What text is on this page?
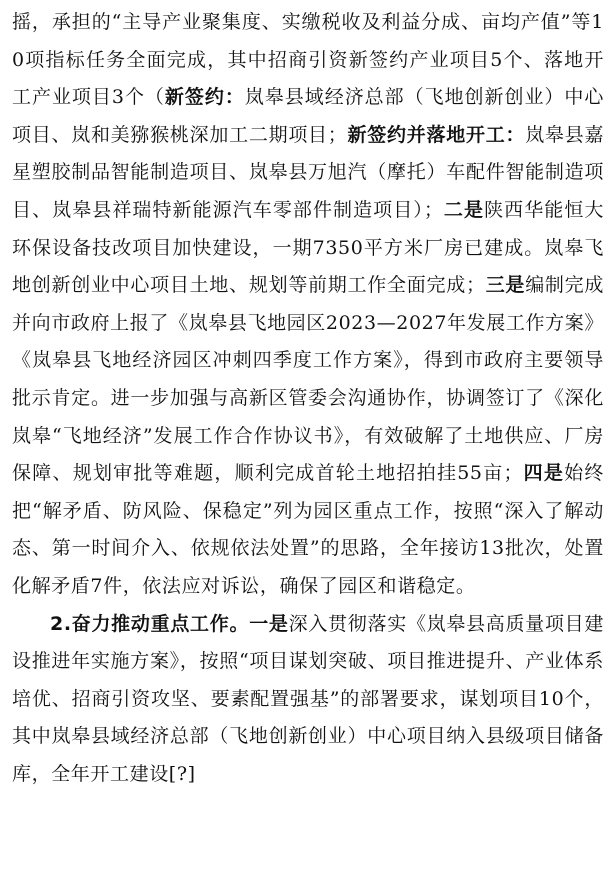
摇，承担的“主导产业聚集度、实缴税收及利益分成、亩均产值”等10项指标任务全面完成，其中招商引资新签约产业项目5个、落地开工产业项目3个（新签约：岚皋县域经济总部（飞地创新创业）中心项目、岚和美猕猴桃深加工二期项目；新签约并落地开工：岚皋县嘉星塑胶制品智能制造项目、岚皋县万旭汽（摩托）车配件智能制造项目、岚皋县祥瑞特新能源汽车零部件制造项目）；二是陕西华能恒大环保设备技改项目加快建设，一期7350平方米厂房已建成。岚皋飞地创新创业中心项目土地、规划等前期工作全面完成；三是编制完成并向市政府上报了《岚皋县飞地园区2023—2027年发展工作方案》《岚皋县飞地经济园区冲刺四季度工作方案》，得到市政府主要领导批示肯定。进一步加强与高新区管委会沟通协作，协调签订了《深化岚皋“飞地经济”发展工作合作协议书》，有效破解了土地供应、厂房保障、规划审批等难题，顺利完成首轮土地招拍挂55亩；四是始终把“解矛盾、防风险、保稳定”列为园区重点工作，按照“深入了解动态、第一时间介入、依规依法处置”的思路，全年接访13批次，处置化解矛盾7件，依法应对诉讼，确保了园区和谐稳定。

2.奋力推动重点工作。一是深入贯彻落实《岚皋县高质量项目建设推进年实施方案》，按照“项目谋划突破、项目推进提升、产业体系培优、招商引资攻坚、要素配置强基”的部署要求，谋划项目10个，其中岚皋县域经济总部（飞地创新创业）中心项目纳入县级项目储备库，全年开工建设[?]
